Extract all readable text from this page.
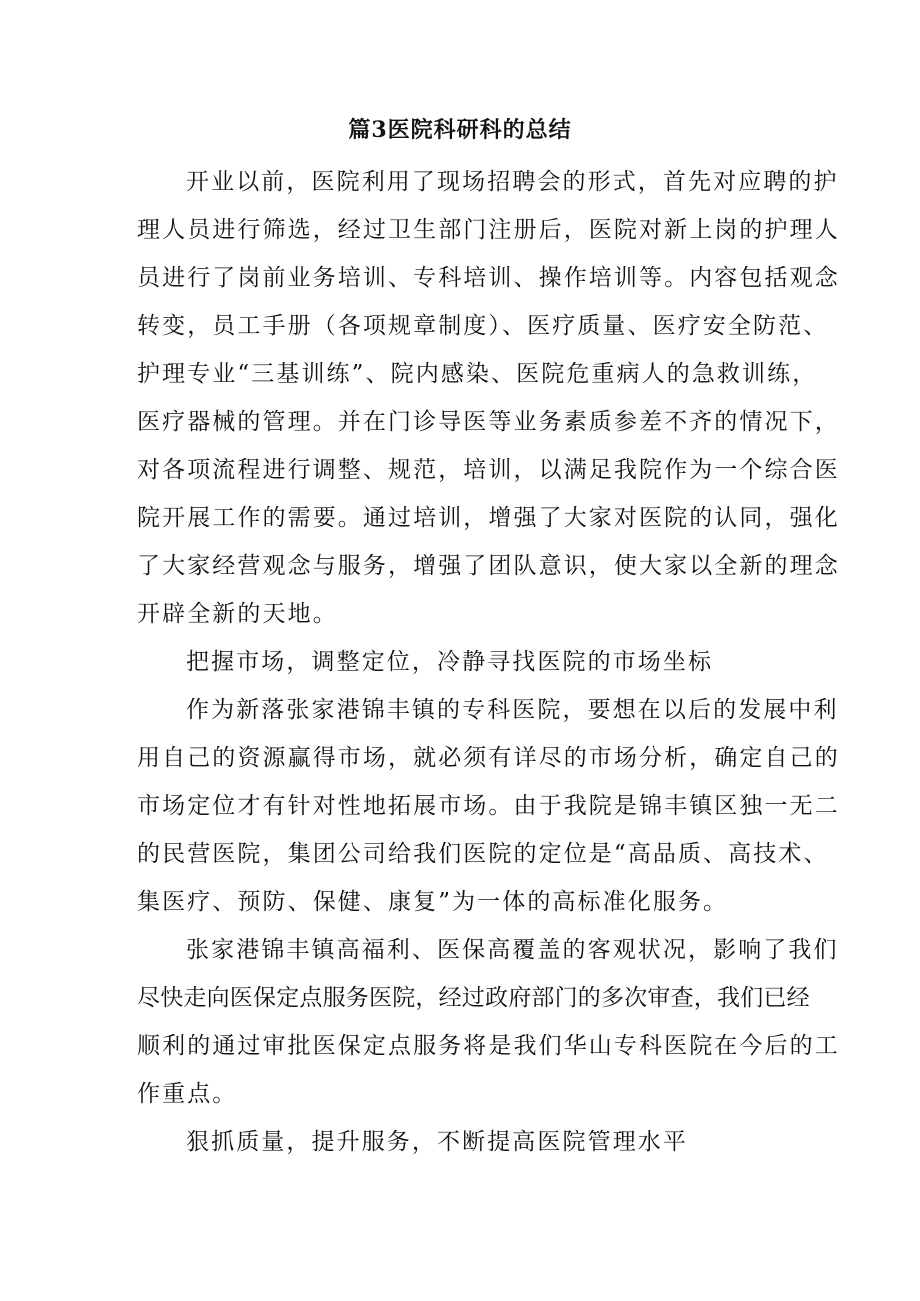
篇3医院科研科的总结
开业以前，医院利用了现场招聘会的形式，首先对应聘的护
理人员进行筛选，经过卫生部门注册后，医院对新上岗的护理人
员进行了岗前业务培训、专科培训、操作培训等。内容包括观念
转变，员工手册（各项规章制度）、医疗质量、医疗安全防范、
护理专业“三基训练”、院内感染、医院危重病人的急救训练，
医疗器械的管理。并在门诊导医等业务素质参差不齐的情况下，
对各项流程进行调整、规范，培训，以满足我院作为一个综合医
院开展工作的需要。通过培训，增强了大家对医院的认同，强化
了大家经营观念与服务，增强了团队意识，使大家以全新的理念
开辟全新的天地。
把握市场，调整定位，冷静寻找医院的市场坐标
作为新落张家港锦丰镇的专科医院，要想在以后的发展中利
用自己的资源赢得市场，就必须有详尽的市场分析，确定自己的
市场定位才有针对性地拓展市场。由于我院是锦丰镇区独一无二
的民营医院，集团公司给我们医院的定位是“高品质、高技术、
集医疗、预防、保健、康复”为一体的高标准化服务。
张家港锦丰镇高福利、医保高覆盖的客观状况，影响了我们
尽快走向医保定点服务医院，经过政府部门的多次审查，我们已经
顺利的通过审批医保定点服务将是我们华山专科医院在今后的工
作重点。
狠抓质量，提升服务，不断提高医院管理水平
